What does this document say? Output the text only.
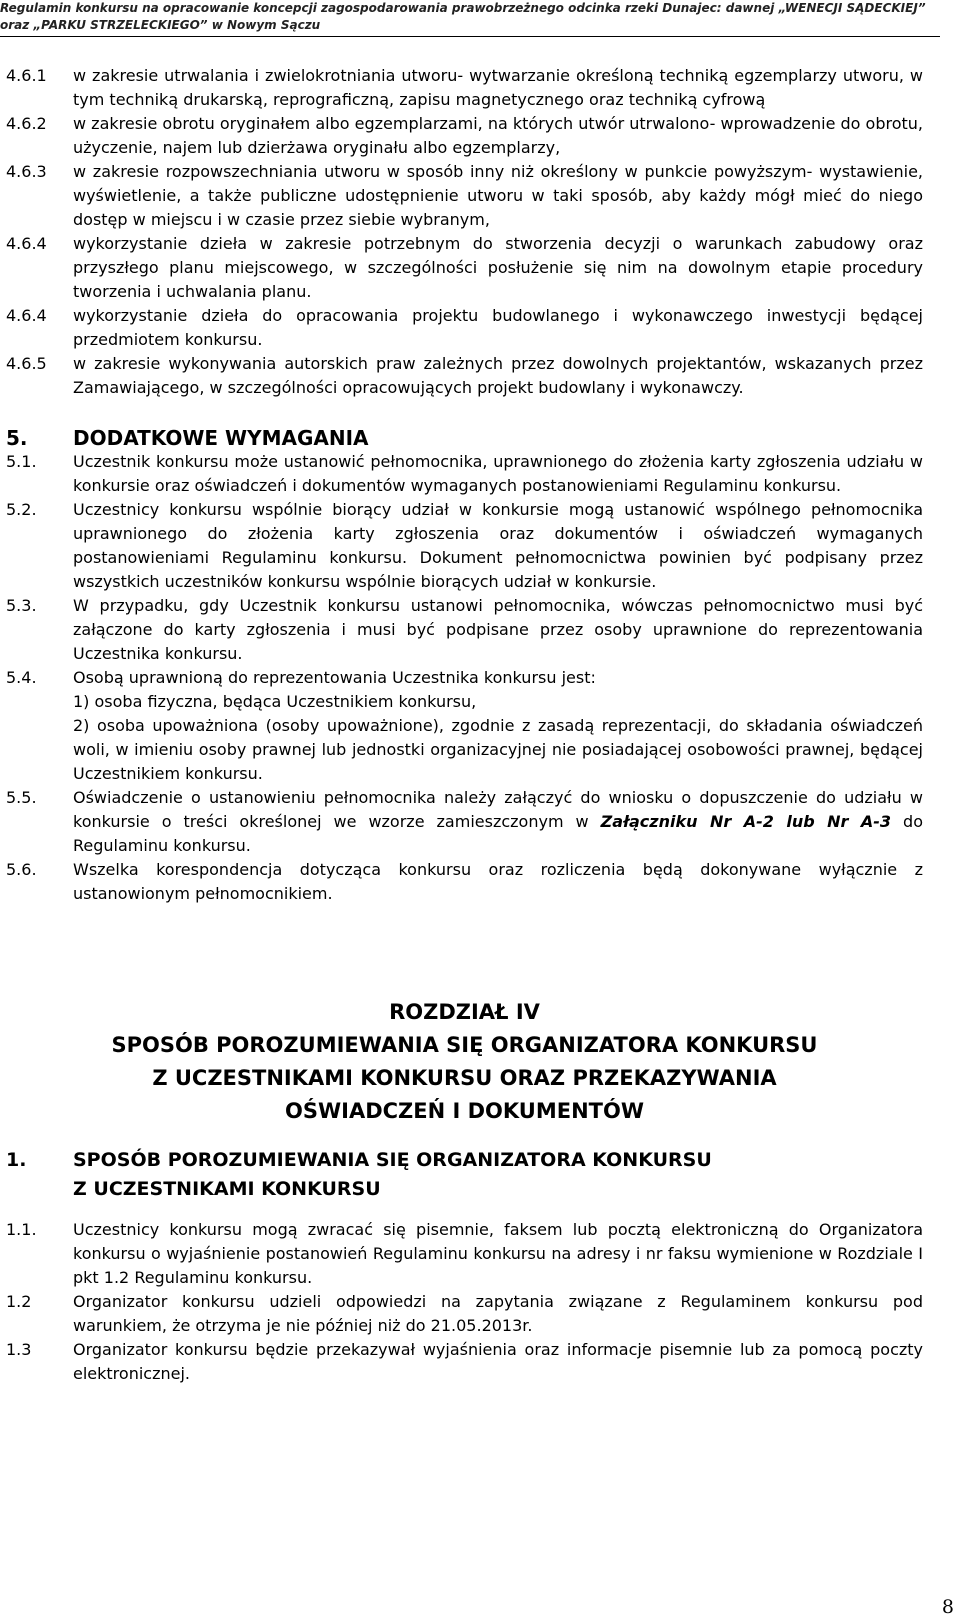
Regulamin konkursu na opracowanie koncepcji zagospodarowania prawobrzeżnego odcinka rzeki Dunajec: dawnej „WENECJI SĄDECKIEJ”
oraz „PARKU STRZELECKIEGO” w Nowym Sączu
4.6.1	w zakresie utrwalania i zwielokrotniania utworu- wytwarzanie określoną techniką egzemplarzy utworu, w tym techniką drukarską, reprograficzną, zapisu magnetycznego oraz techniką cyfrową
4.6.2	w zakresie obrotu oryginałem albo egzemplarzami, na których utwór utrwalono- wprowadzenie do obrotu, użyczenie, najem lub dzierżawa oryginału albo egzemplarzy,
4.6.3	w zakresie rozpowszechniania utworu w sposób inny niż określony w punkcie powyższym- wystawienie, wyświetlenie, a także publiczne udostępnienie utworu w taki sposób, aby każdy mógł mieć do niego dostęp w miejscu i w czasie przez siebie wybranym,
4.6.4	wykorzystanie dzieła w zakresie potrzebnym do stworzenia decyzji o warunkach zabudowy oraz przyszłego planu miejscowego, w szczególności posłużenie się nim na dowolnym etapie procedury tworzenia i uchwalania planu.
4.6.4	wykorzystanie dzieła do opracowania projektu budowlanego i wykonawczego inwestycji będącej przedmiotem konkursu.
4.6.5	w zakresie wykonywania autorskich praw zależnych przez dowolnych projektantów, wskazanych przez Zamawiającego, w szczególności opracowujących projekt budowlany i wykonawczy.
5.	DODATKOWE WYMAGANIA
5.1.	Uczestnik konkursu może ustanowić pełnomocnika, uprawnionego do złożenia karty zgłoszenia udziału w konkursie oraz oświadczeń i dokumentów wymaganych postanowieniami Regulaminu konkursu.
5.2.	Uczestnicy konkursu wspólnie biorący udział w konkursie mogą ustanowić wspólnego pełnomocnika uprawnionego do złożenia karty zgłoszenia oraz dokumentów i oświadczeń wymaganych postanowieniami Regulaminu konkursu. Dokument pełnomocnictwa powinien być podpisany przez wszystkich uczestników konkursu wspólnie biorących udział w konkursie.
5.3.	W przypadku, gdy Uczestnik konkursu ustanowi pełnomocnika, wówczas pełnomocnictwo musi być załączone do karty zgłoszenia i musi być podpisane przez osoby uprawnione do reprezentowania Uczestnika konkursu.
5.4.	Osobą uprawnioną do reprezentowania Uczestnika konkursu jest:
1) osoba fizyczna, będąca Uczestnikiem konkursu,
2) osoba upoważniona (osoby upoważnione), zgodnie z zasadą reprezentacji, do składania oświadczeń woli, w imieniu osoby prawnej lub jednostki organizacyjnej nie posiadającej osobowości prawnej, będącej Uczestnikiem konkursu.
5.5.	Oświadczenie o ustanowieniu pełnomocnika należy załączyć do wniosku o dopuszczenie do udziału w konkursie o treści określonej we wzorze zamieszczonym w Załączniku Nr A-2 lub Nr A-3 do Regulaminu konkursu.
5.6.	Wszelka korespondencja dotycząca konkursu oraz rozliczenia będą dokonywane wyłącznie z ustanowionym pełnomocnikiem.
ROZDZIAŁ IV
SPOSÓB POROZUMIEWANIA SIĘ ORGANIZATORA KONKURSU
Z UCZESTNIKAMI KONKURSU ORAZ PRZEKAZYWANIA
OŚWIADCZEŃ I DOKUMENTÓW
1.	SPOSÓB POROZUMIEWANIA SIĘ ORGANIZATORA KONKURSU
Z UCZESTNIKAMI KONKURSU
1.1.	Uczestnicy konkursu mogą zwracać się pisemnie, faksem lub pocztą elektroniczną do Organizatora konkursu o wyjaśnienie postanowień Regulaminu konkursu na adresy i nr faksu wymienione w Rozdziale I pkt 1.2 Regulaminu konkursu.
1.2	Organizator konkursu udzieli odpowiedzi na zapytania związane z Regulaminem konkursu pod warunkiem, że otrzyma je nie później niż do 21.05.2013r.
1.3	Organizator konkursu będzie przekazywał wyjaśnienia oraz informacje pisemnie lub za pomocą poczty elektronicznej.
8
